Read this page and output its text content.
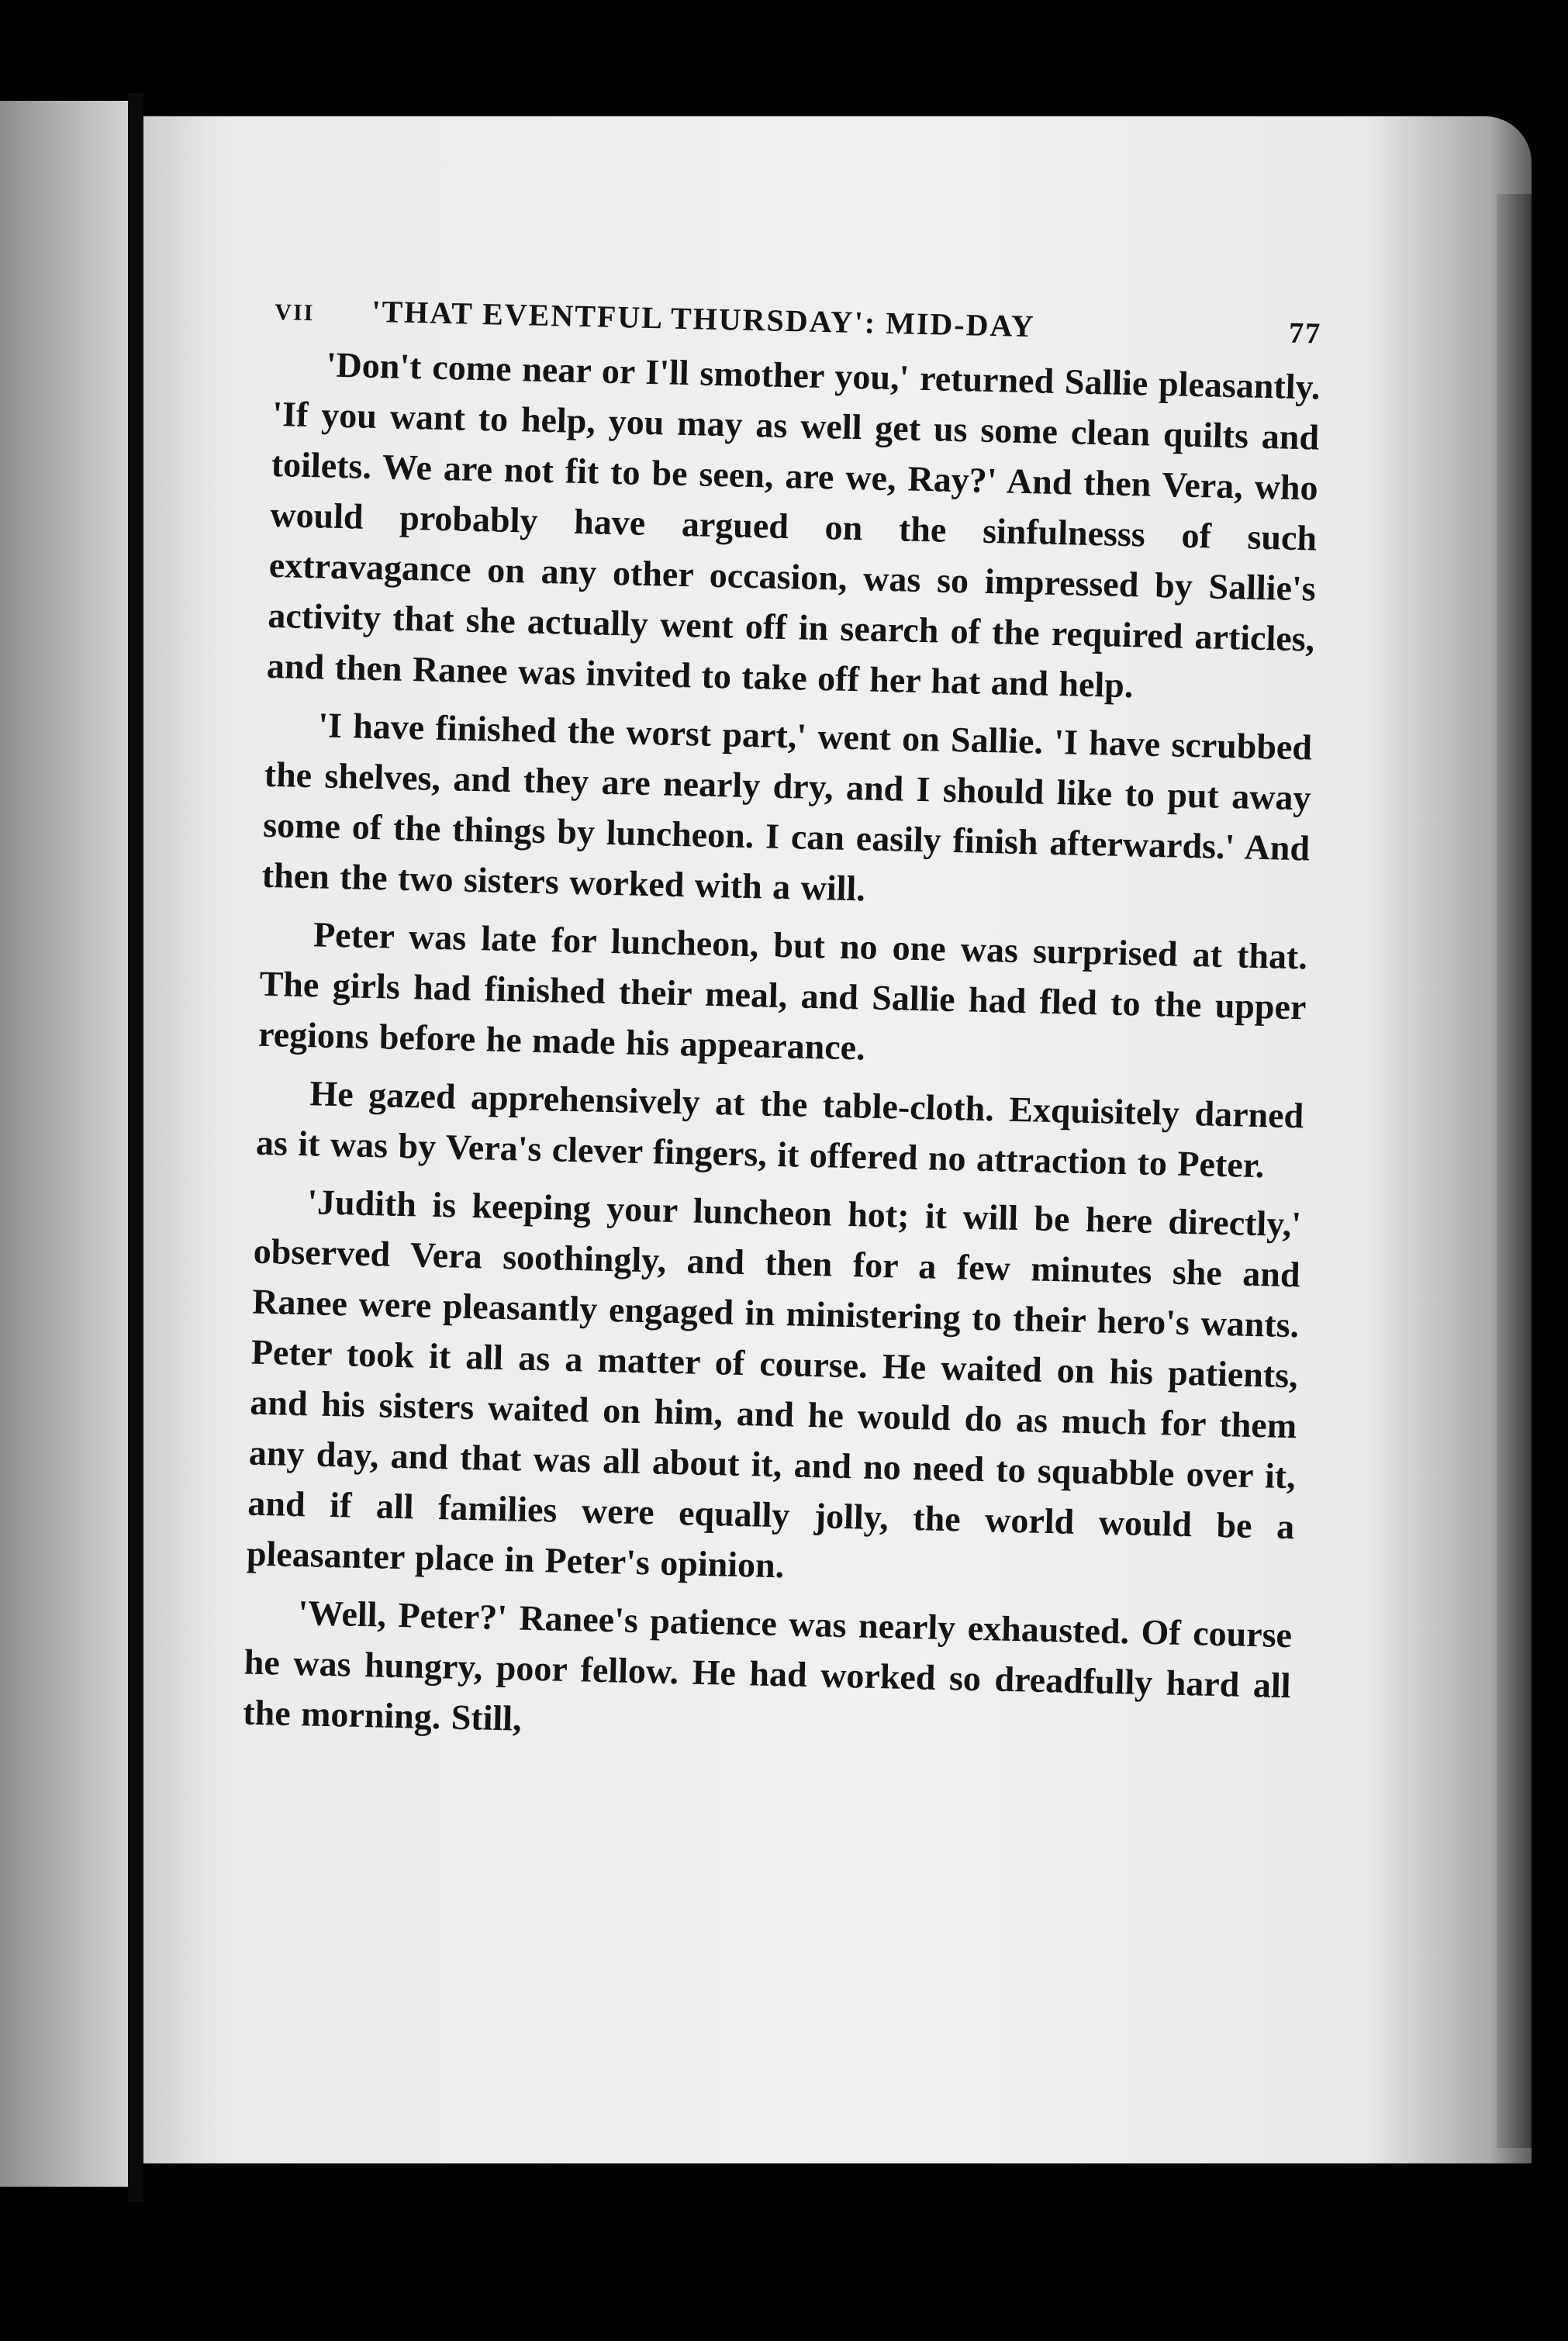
VII	'THAT EVENTFUL THURSDAY': MID-DAY	77

'Don't come near or I'll smother you,' returned Sallie pleasantly. 'If you want to help, you may as well get us some clean quilts and toilets. We are not fit to be seen, are we, Ray?' And then Vera, who would probably have argued on the sinfulnesss of such extravagance on any other occasion, was so impressed by Sallie's activity that she actually went off in search of the required articles, and then Ranee was invited to take off her hat and help.

'I have finished the worst part,' went on Sallie. 'I have scrubbed the shelves, and they are nearly dry, and I should like to put away some of the things by luncheon. I can easily finish afterwards.' And then the two sisters worked with a will.

Peter was late for luncheon, but no one was surprised at that. The girls had finished their meal, and Sallie had fled to the upper regions before he made his appearance.

He gazed apprehensively at the table-cloth. Exquisitely darned as it was by Vera's clever fingers, it offered no attraction to Peter.

'Judith is keeping your luncheon hot; it will be here directly,' observed Vera soothingly, and then for a few minutes she and Ranee were pleasantly engaged in ministering to their hero's wants. Peter took it all as a matter of course. He waited on his patients, and his sisters waited on him, and he would do as much for them any day, and that was all about it, and no need to squabble over it, and if all families were equally jolly, the world would be a pleasanter place in Peter's opinion.

'Well, Peter?' Ranee's patience was nearly exhausted. Of course he was hungry, poor fellow. He had worked so dreadfully hard all the morning. Still,
